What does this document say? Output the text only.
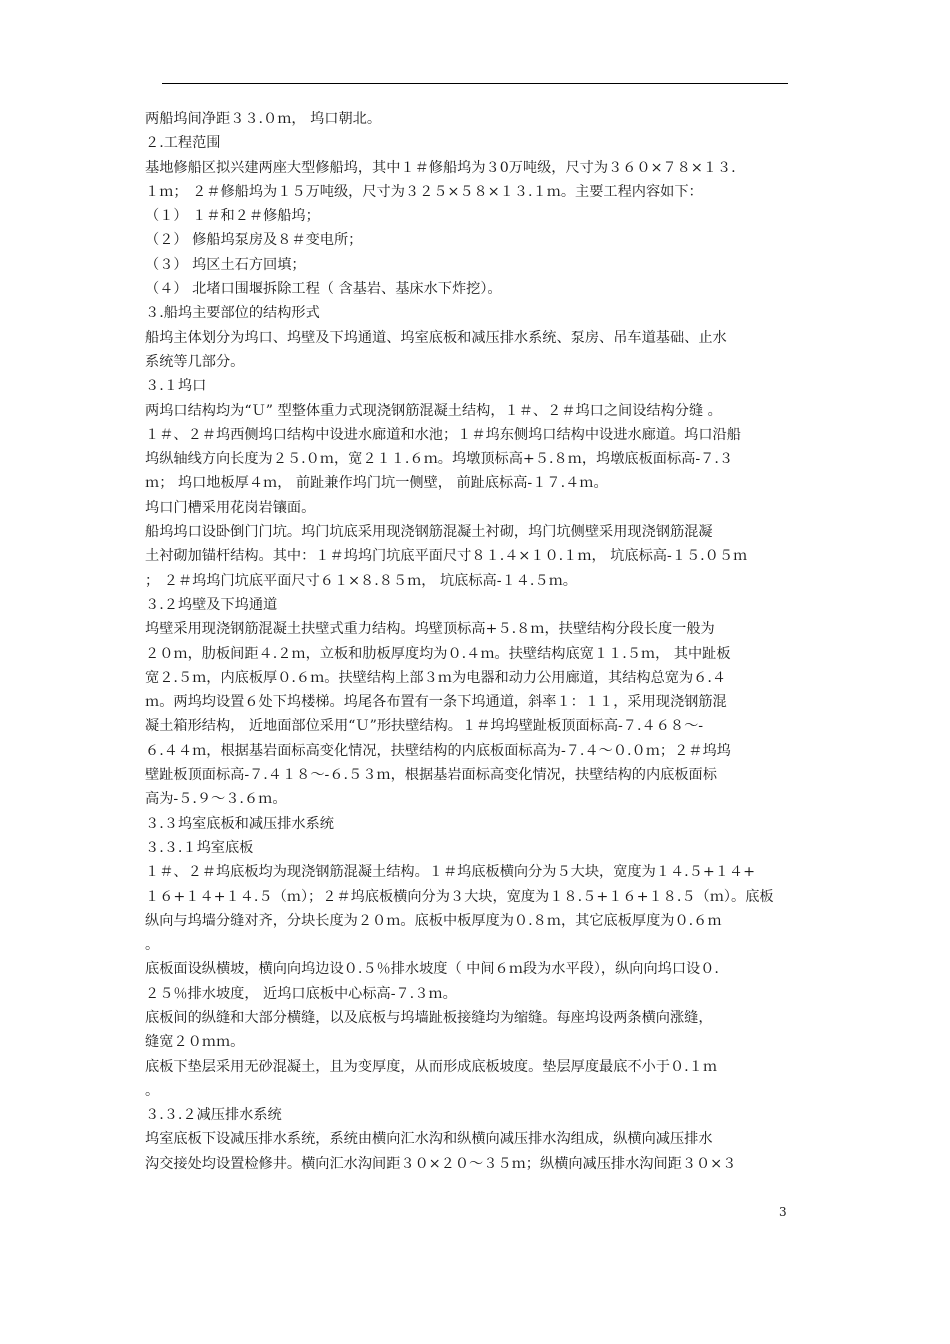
两船坞间净距３３.０ｍ， 坞口朝北。
２.工程范围
基地修船区拟兴建两座大型修船坞，其中１＃修船坞为３0万吨级，尺寸为３６０×７８×１３.
１ｍ； ２＃修船坞为１５万吨级，尺寸为３２５×５８×１３.１ｍ。主要工程内容如下：
（１） １＃和２＃修船坞；
（２） 修船坞泵房及８＃变电所；
（３） 坞区土石方回填；
（４） 北堵口围堰拆除工程（ 含基岩、基床水下炸挖）。
３.船坞主要部位的结构形式
船坞主体划分为坞口、坞壁及下坞通道、坞室底板和减压排水系统、泵房、吊车道基础、止水
系统等几部分。
３.１坞口
两坞口结构均为“Ｕ” 型整体重力式现浇钢筋混凝土结构，１＃、２＃坞口之间设结构分缝 。
１＃、２＃坞西侧坞口结构中设进水廊道和水池；１＃坞东侧坞口结构中设进水廊道。坞口沿船
坞纵轴线方向长度为２５.０ｍ，宽２１１.６ｍ。坞墩顶标高+５.８ｍ，坞墩底板面标高-７.３
ｍ； 坞口地板厚４ｍ， 前趾兼作坞门坑一侧壁， 前趾底标高-１７.４ｍ。
坞口门槽采用花岗岩镶面。
船坞坞口设卧倒门门坑。坞门坑底采用现浇钢筋混凝土衬砌，坞门坑侧壁采用现浇钢筋混凝
土衬砌加锚杆结构。其中：１＃坞坞门坑底平面尺寸８１.４×１０.１ｍ， 坑底标高-１５.０５ｍ
； ２＃坞坞门坑底平面尺寸６１×８.８５ｍ， 坑底标高-１４.５ｍ。
３.２坞壁及下坞通道
坞壁采用现浇钢筋混凝土扶壁式重力结构。坞壁顶标高+５.８ｍ，扶壁结构分段长度一般为
２０ｍ，肋板间距４.２ｍ，立板和肋板厚度均为０.４ｍ。扶壁结构底宽１１.５ｍ， 其中趾板
宽２.５ｍ，内底板厚０.６ｍ。扶壁结构上部３ｍ为电器和动力公用廊道，其结构总宽为６.４
ｍ。两坞均设置６处下坞楼梯。坞尾各布置有一条下坞通道，斜率１：１１，采用现浇钢筋混
凝土箱形结构， 近地面部位采用“Ｕ”形扶壁结构。１＃坞坞壁趾板顶面标高-７.４６８～-
６.４４ｍ，根据基岩面标高变化情况，扶壁结构的内底板面标高为-７.４～０.０ｍ；２＃坞坞
壁趾板顶面标高-７.４１８～-６.５３ｍ，根据基岩面标高变化情况，扶壁结构的内底板面标
高为-５.９～３.６ｍ。
３.３坞室底板和减压排水系统
３.３.１坞室底板
１＃、２＃坞底板均为现浇钢筋混凝土结构。１＃坞底板横向分为５大块，宽度为１４.５+１４+
１６+１４+１４.５（ｍ）；２＃坞底板横向分为３大块，宽度为１８.５+１６+１８.５（ｍ）。底板
纵向与坞墙分缝对齐，分块长度为２０ｍ。底板中板厚度为０.８ｍ，其它底板厚度为０.６ｍ
。
底板面设纵横坡，横向向坞边设０.５％排水坡度（ 中间６ｍ段为水平段），纵向向坞口设０.
２５％排水坡度， 近坞口底板中心标高-７.３ｍ。
底板间的纵缝和大部分横缝，以及底板与坞墙趾板接缝均为缩缝。每座坞设两条横向涨缝，
缝宽２０ｍｍ。
底板下垫层采用无砂混凝土，且为变厚度，从而形成底板坡度。垫层厚度最底不小于０.１ｍ
。
３.３.２减压排水系统
坞室底板下设减压排水系统，系统由横向汇水沟和纵横向减压排水沟组成，纵横向减压排水
沟交接处均设置检修井。横向汇水沟间距３０×２０～３５ｍ；纵横向减压排水沟间距３０×３
3
